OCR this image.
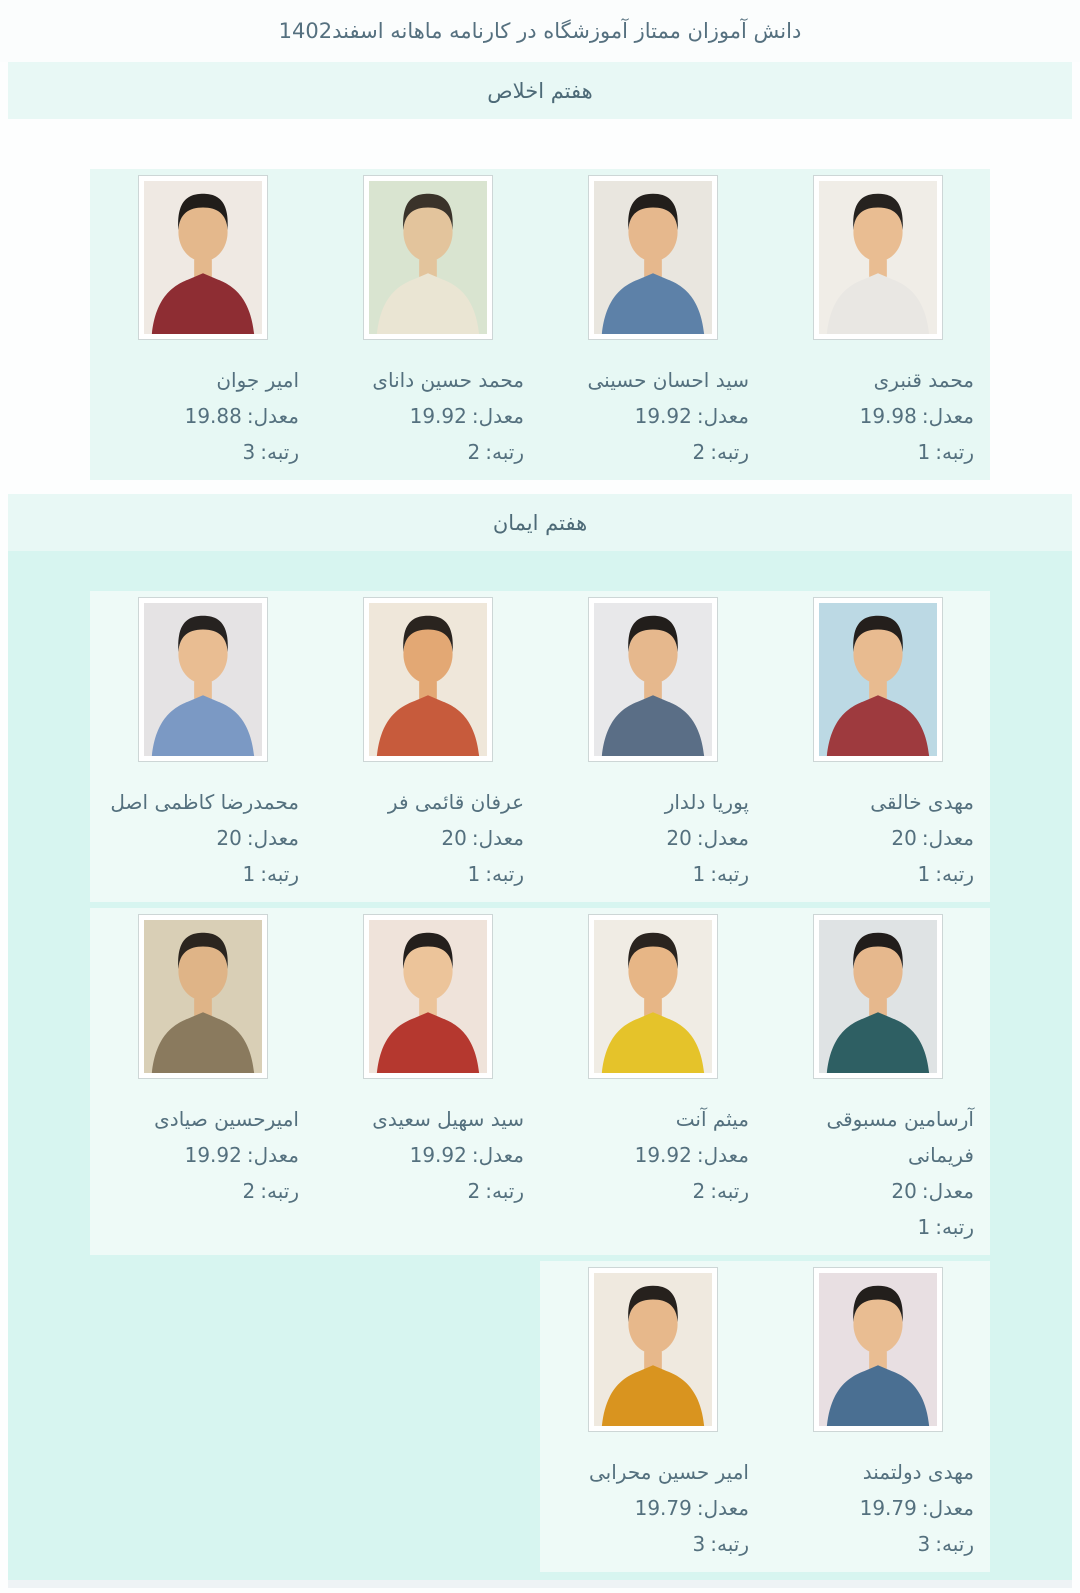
دانش آموزان ممتاز آموزشگاه در کارنامه ماهانه اسفند1402
هفتم اخلاص
محمد قنبری
معدل:19.98
رتبه:1
سید احسان حسینی
معدل:19.92
رتبه:2
محمد حسین دانای
معدل:19.92
رتبه:2
امیر جوان
معدل:19.88
رتبه:3
هفتم ایمان
مهدی خالقی
معدل:20
رتبه:1
پوریا دلدار
معدل:20
رتبه:1
عرفان قائمی فر
معدل:20
رتبه:1
محمدرضا کاظمی اصل
معدل:20
رتبه:1
آرسامین مسبوقی فریمانی
معدل:20
رتبه:1
میثم آنت
معدل:19.92
رتبه:2
سید سهیل سعیدی
معدل:19.92
رتبه:2
امیرحسین صیادی
معدل:19.92
رتبه:2
مهدی دولتمند
معدل:19.79
رتبه:3
امیر حسین محرابی
معدل:19.79
رتبه:3
